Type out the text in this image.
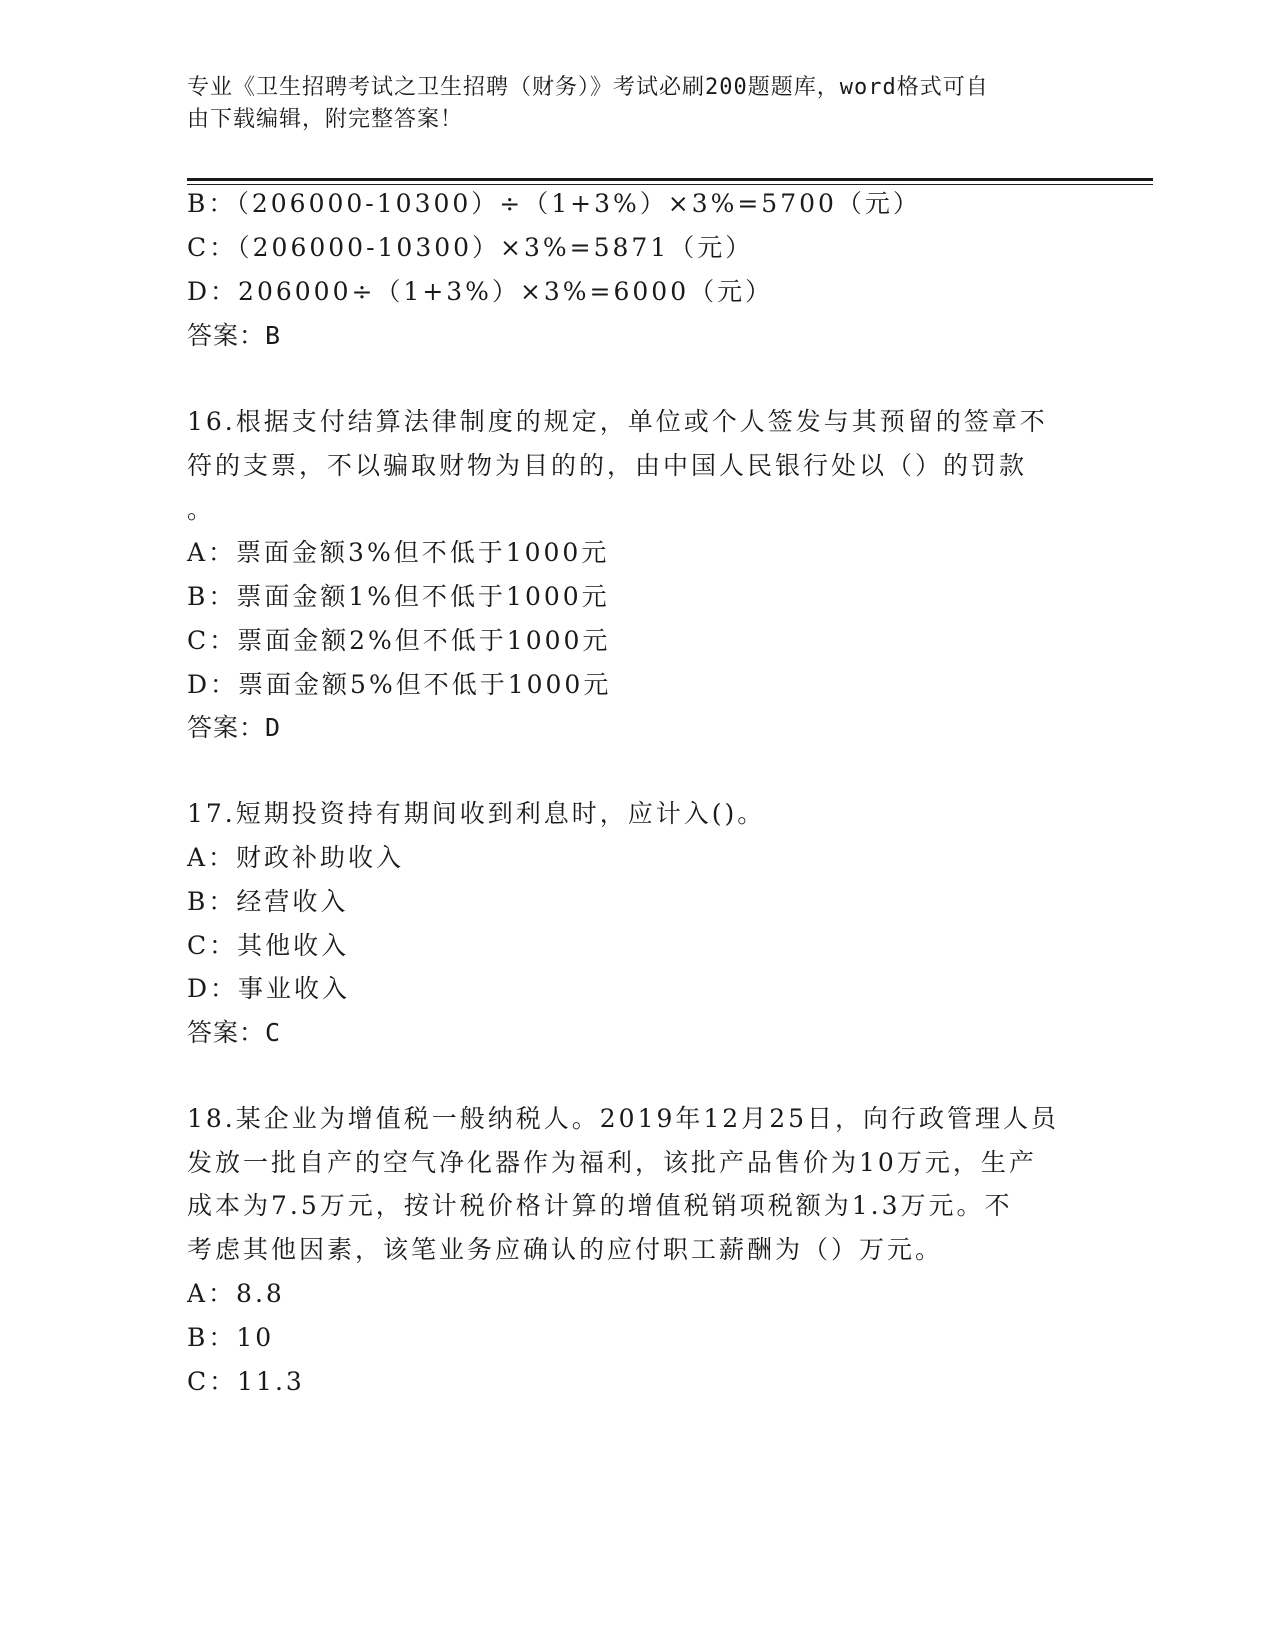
专业《卫生招聘考试之卫生招聘（财务）》考试必刷200题题库，word格式可自
由下载编辑，附完整答案！
B：（206000-10300）÷（1+3%）×3%=5700（元）
C：（206000-10300）×3%=5871（元）
D：206000÷（1+3%）×3%=6000（元）
答案：B
16.根据支付结算法律制度的规定，单位或个人签发与其预留的签章不
符的支票，不以骗取财物为目的的，由中国人民银行处以（）的罚款
。
A：票面金额3%但不低于1000元
B：票面金额1%但不低于1000元
C：票面金额2%但不低于1000元
D：票面金额5%但不低于1000元
答案：D
17.短期投资持有期间收到利息时，应计入()。
A：财政补助收入
B：经营收入
C：其他收入
D：事业收入
答案：C
18.某企业为增值税一般纳税人。2019年12月25日，向行政管理人员
发放一批自产的空气净化器作为福利，该批产品售价为10万元，生产
成本为7.5万元，按计税价格计算的增值税销项税额为1.3万元。不
考虑其他因素，该笔业务应确认的应付职工薪酬为（）万元。
A：8.8
B：10
C：11.3
